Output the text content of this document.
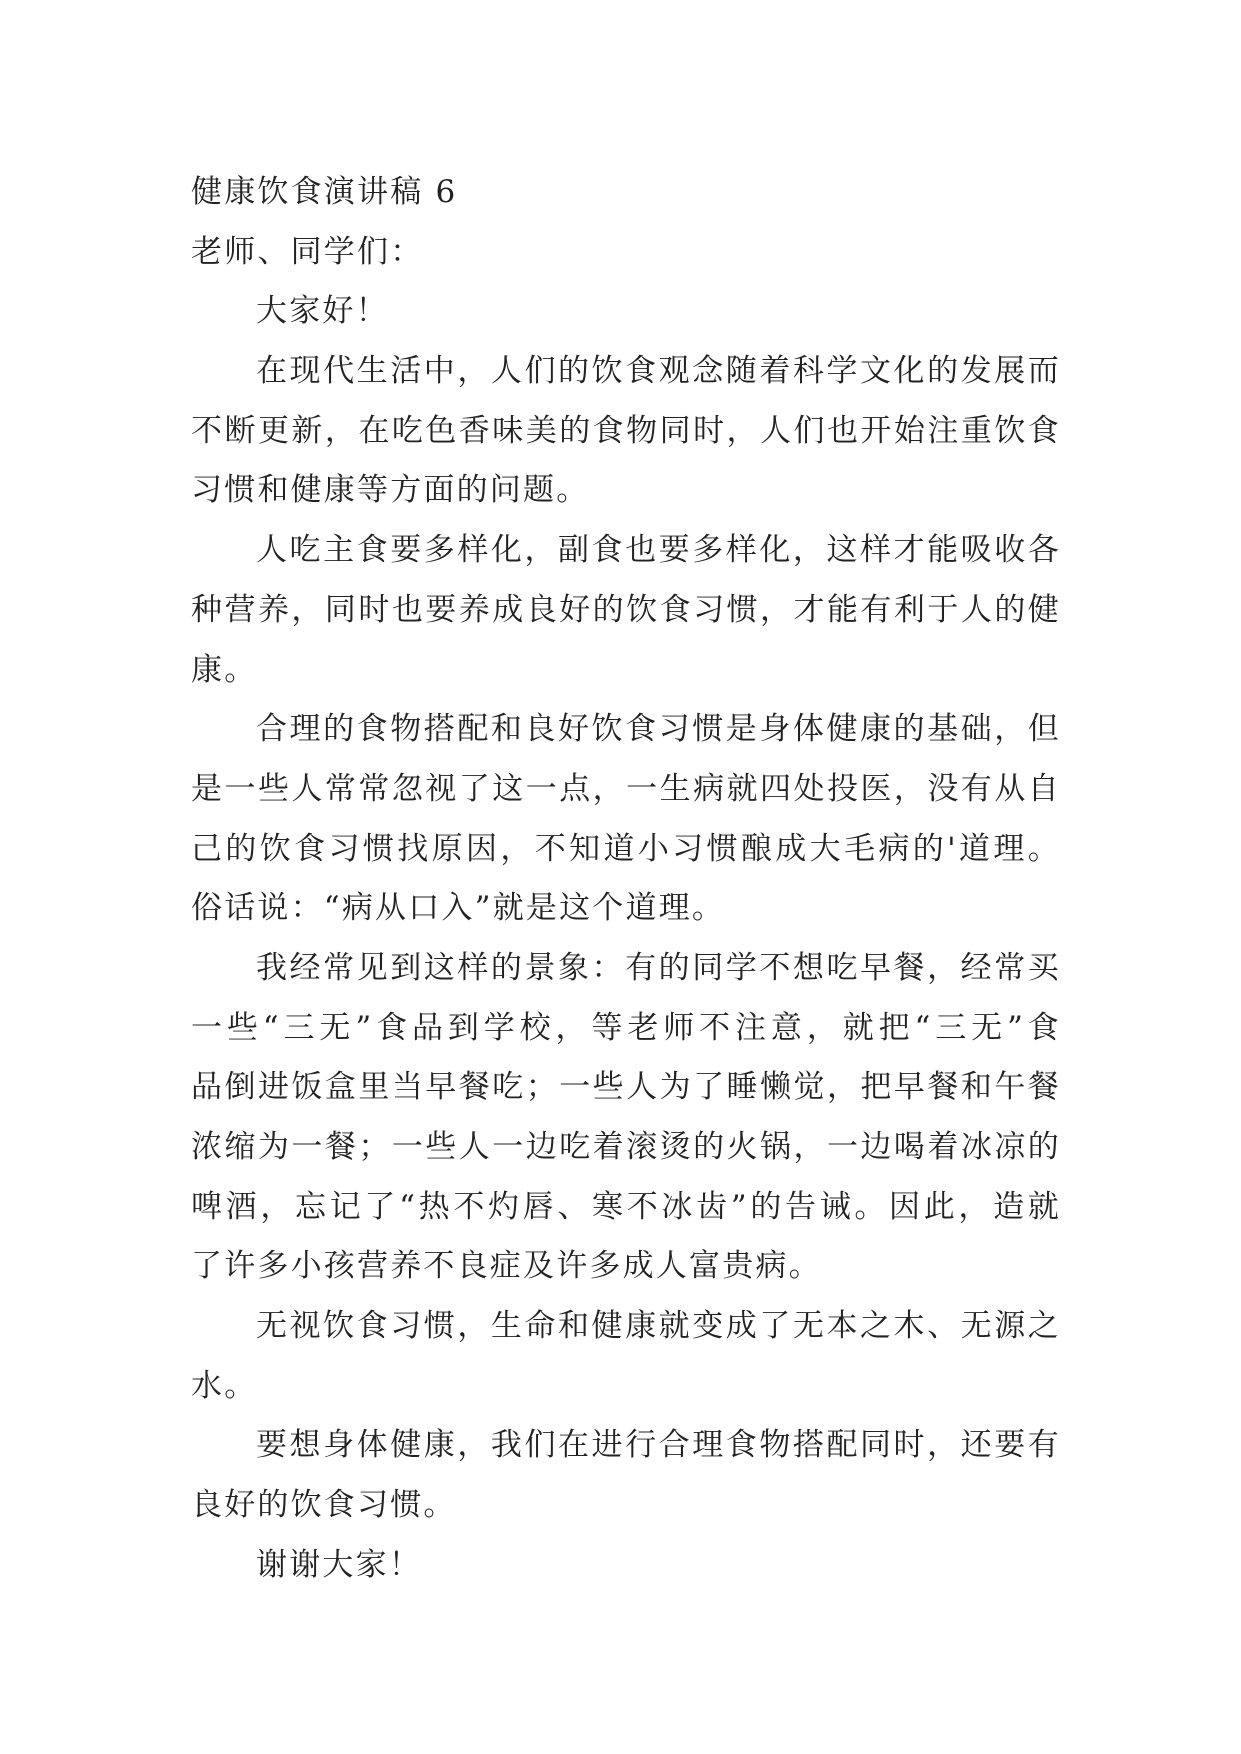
健康饮食演讲稿 6
老师、同学们：
大家好！
在现代生活中，人们的饮食观念随着科学文化的发展而
不断更新，在吃色香味美的食物同时，人们也开始注重饮食
习惯和健康等方面的问题。
人吃主食要多样化，副食也要多样化，这样才能吸收各
种营养，同时也要养成良好的饮食习惯，才能有利于人的健
康。
合理的食物搭配和良好饮食习惯是身体健康的基础，但
是一些人常常忽视了这一点，一生病就四处投医，没有从自
己的饮食习惯找原因，不知道小习惯酿成大毛病的'道理。
俗话说：“病从口入”就是这个道理。
我经常见到这样的景象：有的同学不想吃早餐，经常买
一些“三无”食品到学校，等老师不注意，就把“三无”食
品倒进饭盒里当早餐吃；一些人为了睡懒觉，把早餐和午餐
浓缩为一餐；一些人一边吃着滚烫的火锅，一边喝着冰凉的
啤酒，忘记了“热不灼唇、寒不冰齿”的告诫。因此，造就
了许多小孩营养不良症及许多成人富贵病。
无视饮食习惯，生命和健康就变成了无本之木、无源之
水。
要想身体健康，我们在进行合理食物搭配同时，还要有
良好的饮食习惯。
谢谢大家！
